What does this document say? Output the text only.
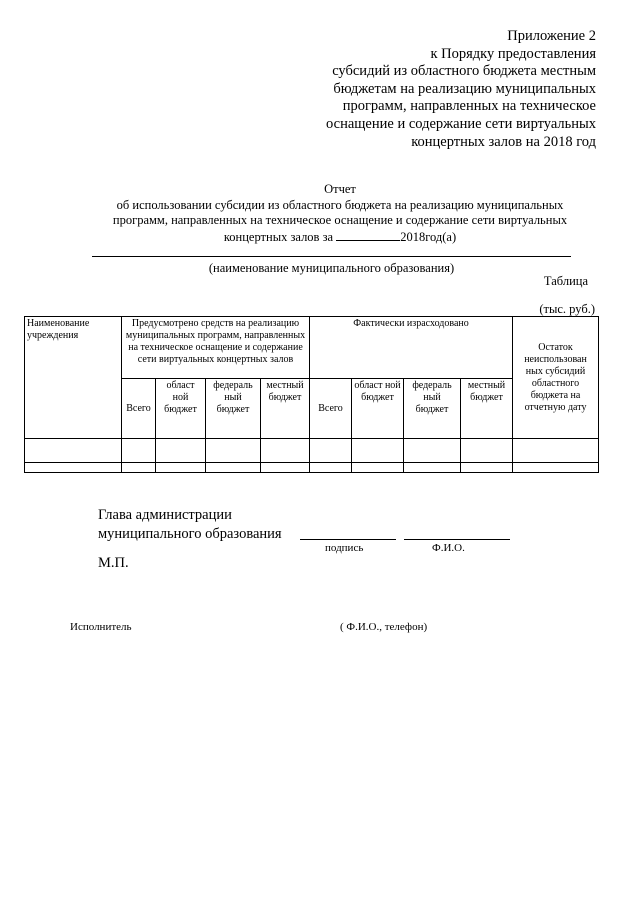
Приложение 2
к Порядку предоставления
субсидий из областного бюджета местным
бюджетам на реализацию муниципальных
программ, направленных на техническое
оснащение и содержание сети виртуальных
концертных залов на 2018 год
Отчет
об использовании субсидии из областного бюджета на реализацию муниципальных
программ, направленных на техническое оснащение и содержание сети виртуальных
концертных залов за	2018год(а)
(наименование муниципального образования)
Таблица
(тыс. руб.)
Наименование учреждения	Предусмотрено средств на реализацию муниципальных программ, направленных на техническое оснащение и содержание сети виртуальных концертных залов				Фактически израсходовано				Остаток неиспользован ных субсидий областного бюджета на отчетную дату
	Всего	област ной бюджет	федераль ный бюджет	местный бюджет	Всего	област ной бюджет	федераль ный бюджет	местный бюджет	

Глава администрации
муниципального образования
подпись	Ф.И.О.
М.П.
Исполнитель	( Ф.И.О., телефон)
